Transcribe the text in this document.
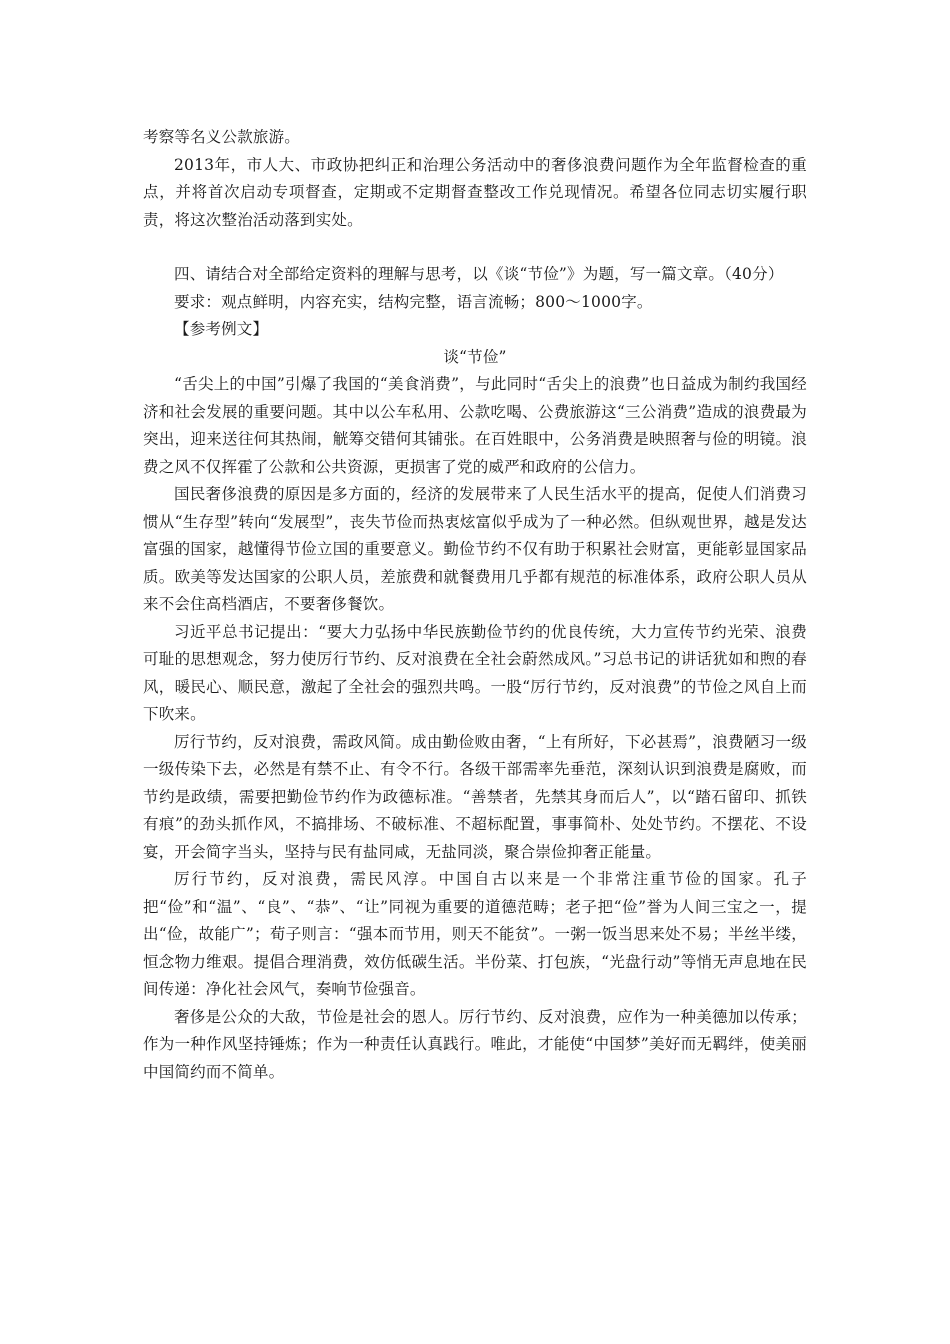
考察等名义公款旅游。

2013年，市人大、市政协把纠正和治理公务活动中的奢侈浪费问题作为全年监督检查的重点，并将首次启动专项督查，定期或不定期督查整改工作兑现情况。希望各位同志切实履行职责，将这次整治活动落到实处。

四、请结合对全部给定资料的理解与思考，以《谈“节俭”》为题，写一篇文章。（40分）

要求：观点鲜明，内容充实，结构完整，语言流畅；800～1000字。

【参考例文】

谈“节俭”

“舌尖上的中国”引爆了我国的“美食消费”，与此同时“舌尖上的浪费”也日益成为制约我国经济和社会发展的重要问题。其中以公车私用、公款吃喝、公费旅游这“三公消费”造成的浪费最为突出，迎来送往何其热闹，觥筹交错何其铺张。在百姓眼中，公务消费是映照奢与俭的明镜。浪费之风不仅挥霍了公款和公共资源，更损害了党的威严和政府的公信力。

国民奢侈浪费的原因是多方面的，经济的发展带来了人民生活水平的提高，促使人们消费习惯从“生存型”转向“发展型”，丧失节俭而热衷炫富似乎成为了一种必然。但纵观世界，越是发达富强的国家，越懂得节俭立国的重要意义。勤俭节约不仅有助于积累社会财富，更能彰显国家品质。欧美等发达国家的公职人员，差旅费和就餐费用几乎都有规范的标准体系，政府公职人员从来不会住高档酒店，不要奢侈餐饮。

习近平总书记提出：“要大力弘扬中华民族勤俭节约的优良传统，大力宣传节约光荣、浪费可耻的思想观念，努力使厉行节约、反对浪费在全社会蔚然成风。”习总书记的讲话犹如和煦的春风，暖民心、顺民意，激起了全社会的强烈共鸣。一股“厉行节约，反对浪费”的节俭之风自上而下吹来。

厉行节约，反对浪费，需政风简。成由勤俭败由奢，“上有所好，下必甚焉”，浪费陋习一级一级传染下去，必然是有禁不止、有令不行。各级干部需率先垂范，深刻认识到浪费是腐败，而节约是政绩，需要把勤俭节约作为政德标准。“善禁者，先禁其身而后人”，以“踏石留印、抓铁有痕”的劲头抓作风，不搞排场、不破标准、不超标配置，事事简朴、处处节约。不摆花、不设宴，开会简字当头，坚持与民有盐同咸，无盐同淡，聚合崇俭抑奢正能量。

厉行节约，反对浪费，需民风淳。中国自古以来是一个非常注重节俭的国家。孔子把“俭”和“温”、“良”、“恭”、“让”同视为重要的道德范畴；老子把“俭”誉为人间三宝之一，提出“俭，故能广”；荀子则言：“强本而节用，则天不能贫”。一粥一饭当思来处不易；半丝半缕，恒念物力维艰。提倡合理消费，效仿低碳生活。半份菜、打包族，“光盘行动”等悄无声息地在民间传递：净化社会风气，奏响节俭强音。

奢侈是公众的大敌，节俭是社会的恩人。厉行节约、反对浪费，应作为一种美德加以传承；作为一种作风坚持锤炼；作为一种责任认真践行。唯此，才能使“中国梦”美好而无羁绊，使美丽中国简约而不简单。
